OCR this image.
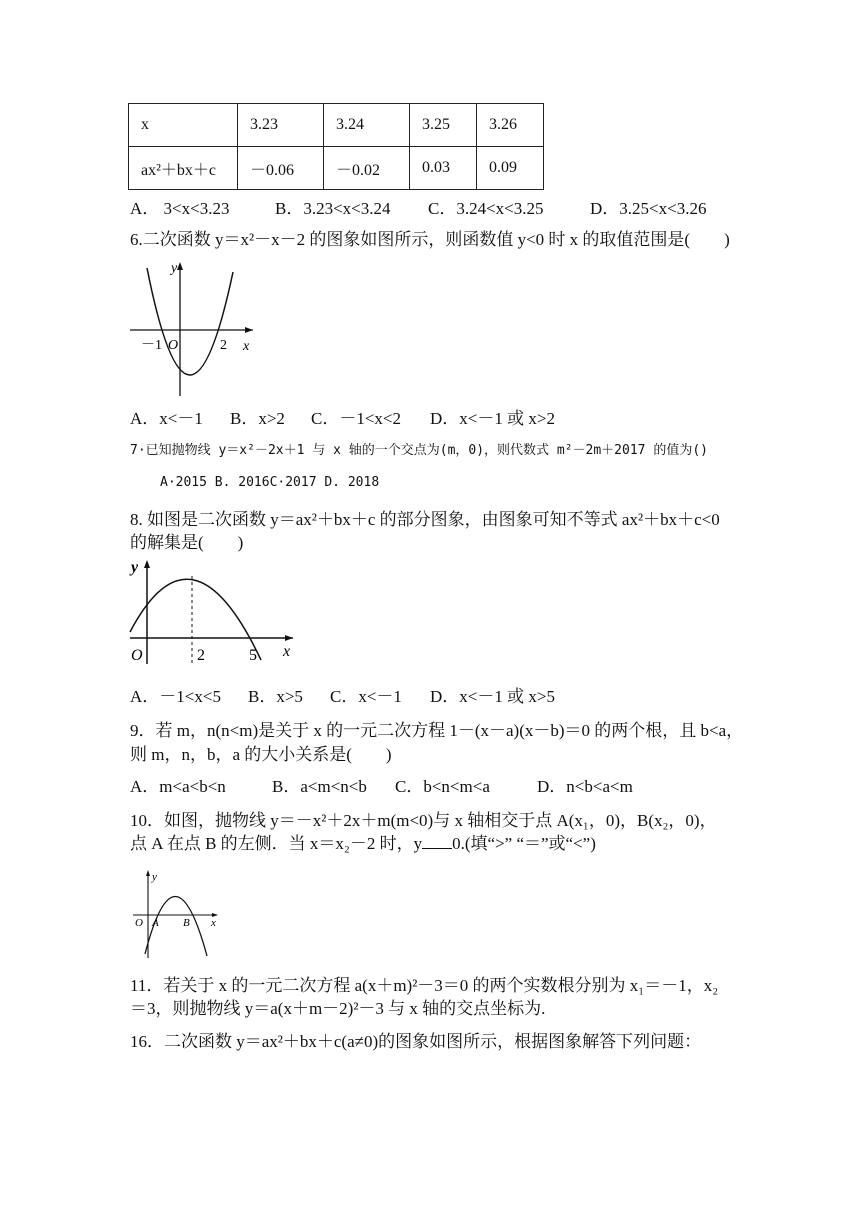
x	3.23	3.24	3.25	3.26
ax²＋bx＋c	－0.06	－0.02	0.03	0.09
A． 3<x<3.23	B．3.23<x<3.24 C．3.24<x<3.25	D．3.25<x<3.26
6.二次函数 y＝x²－x－2 的图象如图所示，则函数值 y<0 时 x 的取值范围是(　　)
y
x
O
－1	2
A．x<－1 B．x>2 C．－1<x<2 D．x<－1 或 x>2
7·已知抛物线 y＝x²－2x＋1 与 x 轴的一个交点为(m，0)，则代数式 m²－2m＋2017 的值为()
A·2015 B. 2016C·2017 D. 2018
8. 如图是二次函数 y＝ax²＋bx＋c 的部分图象，由图象可知不等式 ax²＋bx＋c<0
的解集是(　　)
y
x
O	2	5
A．－1<x<5 B．x>5 C．x<－1 D．x<－1 或 x>5
9．若 m，n(n<m)是关于 x 的一元二次方程 1－(x－a)(x－b)＝0 的两个根，且 b<a，
则 m，n，b，a 的大小关系是(　　)
A．m<a<b<n	B．a<m<n<b C．b<n<m<a	D．n<b<a<m
10．如图，抛物线 y＝－x²＋2x＋m(m<0)与 x 轴相交于点 A(x₁，0)，B(x₂，0)，
点 A 在点 B 的左侧．当 x＝x₂－2 时，y 0.(填“>” “＝”或“<”)
y
x
O A B
11．若关于 x 的一元二次方程 a(x＋m)²－3＝0 的两个实数根分别为 x₁＝－1，x₂
＝3，则抛物线 y＝a(x＋m－2)²－3 与 x 轴的交点坐标为.
16．二次函数 y＝ax²＋bx＋c(a≠0)的图象如图所示，根据图象解答下列问题：
